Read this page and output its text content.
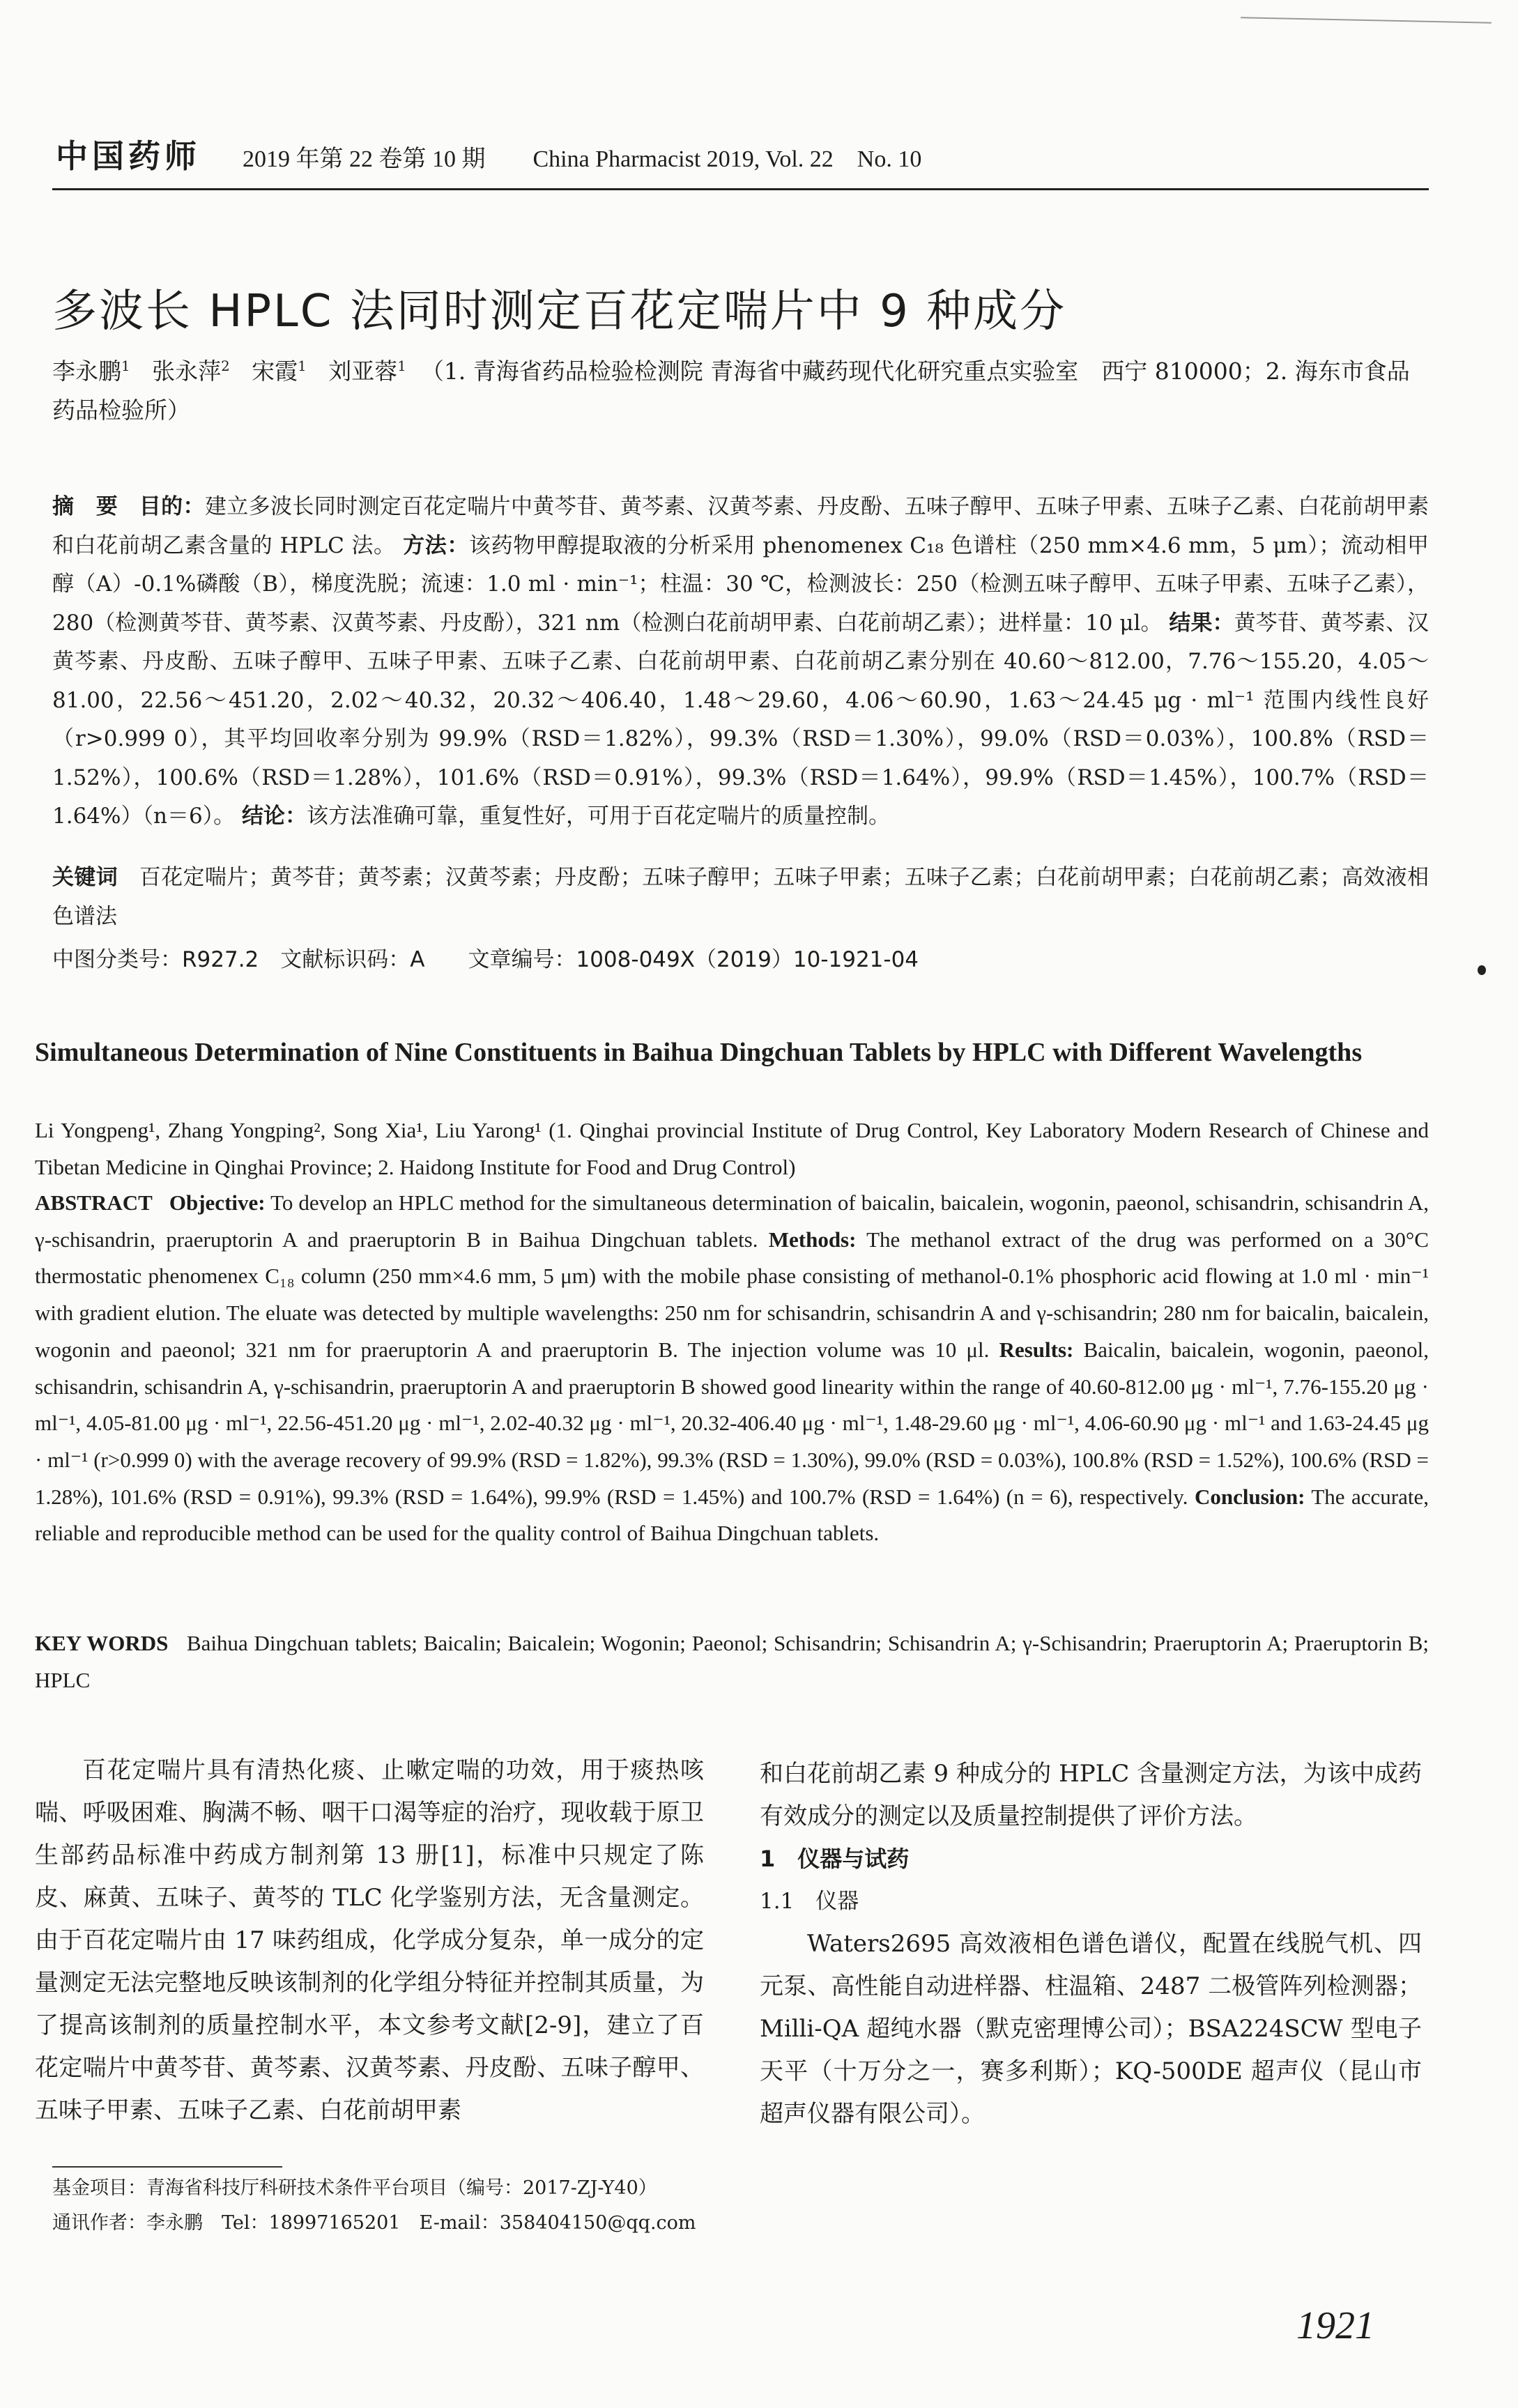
中国药师 2019 年第 22 卷第 10 期　　China Pharmacist 2019, Vol. 22　No. 10
多波长 HPLC 法同时测定百花定喘片中 9 种成分
李永鹏$^1$ 张永萍$^2$ 宋霞$^1$ 刘亚蓉$^1$ （1. 青海省药品检验检测院 青海省中藏药现代化研究重点实验室　西宁 810000；2. 海东市食品药品检验所）
摘　要 目的：建立多波长同时测定百花定喘片中黄芩苷、黄芩素、汉黄芩素、丹皮酚、五味子醇甲、五味子甲素、五味子乙素、白花前胡甲素和白花前胡乙素含量的 HPLC 法。 方法：该药物甲醇提取液的分析采用 phenomenex C₁₈ 色谱柱（250 mm×4.6 mm，5 μm）；流动相甲醇（A）-0.1%磷酸（B），梯度洗脱；流速：1.0 ml · min⁻¹；柱温：30 ℃，检测波长：250（检测五味子醇甲、五味子甲素、五味子乙素），280（检测黄芩苷、黄芩素、汉黄芩素、丹皮酚），321 nm（检测白花前胡甲素、白花前胡乙素）；进样量：10 μl。 结果：黄芩苷、黄芩素、汉黄芩素、丹皮酚、五味子醇甲、五味子甲素、五味子乙素、白花前胡甲素、白花前胡乙素分别在 40.60～812.00，7.76～155.20，4.05～81.00，22.56～451.20，2.02～40.32，20.32～406.40，1.48～29.60，4.06～60.90，1.63～24.45 μg · ml⁻¹ 范围内线性良好（r>0.999 0），其平均回收率分别为 99.9%（RSD＝1.82%），99.3%（RSD＝1.30%），99.0%（RSD＝0.03%），100.8%（RSD＝1.52%），100.6%（RSD＝1.28%），101.6%（RSD＝0.91%），99.3%（RSD＝1.64%），99.9%（RSD＝1.45%），100.7%（RSD＝1.64%）（n＝6）。 结论：该方法准确可靠，重复性好，可用于百花定喘片的质量控制。
关键词 百花定喘片；黄芩苷；黄芩素；汉黄芩素；丹皮酚；五味子醇甲；五味子甲素；五味子乙素；白花前胡甲素；白花前胡乙素；高效液相色谱法
中图分类号：R927.2　文献标识码：A　　文章编号：1008-049X（2019）10-1921-04
Simultaneous Determination of Nine Constituents in Baihua Dingchuan Tablets by HPLC with Different Wavelengths
Li Yongpeng¹, Zhang Yongping², Song Xia¹, Liu Yarong¹ (1. Qinghai provincial Institute of Drug Control, Key Laboratory Modern Research of Chinese and Tibetan Medicine in Qinghai Province; 2. Haidong Institute for Food and Drug Control)
ABSTRACT Objective: To develop an HPLC method for the simultaneous determination of baicalin, baicalein, wogonin, paeonol, schisandrin, schisandrin A, γ-schisandrin, praeruptorin A and praeruptorin B in Baihua Dingchuan tablets. Methods: The methanol extract of the drug was performed on a 30°C thermostatic phenomenex C₁₈ column (250 mm×4.6 mm, 5 μm) with the mobile phase consisting of methanol-0.1% phosphoric acid flowing at 1.0 ml · min⁻¹ with gradient elution. The eluate was detected by multiple wavelengths: 250 nm for schisandrin, schisandrin A and γ-schisandrin; 280 nm for baicalin, baicalein, wogonin and paeonol; 321 nm for praeruptorin A and praeruptorin B. The injection volume was 10 μl. Results: Baicalin, baicalein, wogonin, paeonol, schisandrin, schisandrin A, γ-schisandrin, praeruptorin A and praeruptorin B showed good linearity within the range of 40.60-812.00 μg · ml⁻¹, 7.76-155.20 μg · ml⁻¹, 4.05-81.00 μg · ml⁻¹, 22.56-451.20 μg · ml⁻¹, 2.02-40.32 μg · ml⁻¹, 20.32-406.40 μg · ml⁻¹, 1.48-29.60 μg · ml⁻¹, 4.06-60.90 μg · ml⁻¹ and 1.63-24.45 μg · ml⁻¹ (r>0.999 0) with the average recovery of 99.9% (RSD = 1.82%), 99.3% (RSD = 1.30%), 99.0% (RSD = 0.03%), 100.8% (RSD = 1.52%), 100.6% (RSD = 1.28%), 101.6% (RSD = 0.91%), 99.3% (RSD = 1.64%), 99.9% (RSD = 1.45%) and 100.7% (RSD = 1.64%) (n = 6), respectively. Conclusion: The accurate, reliable and reproducible method can be used for the quality control of Baihua Dingchuan tablets.
KEY WORDS Baihua Dingchuan tablets; Baicalin; Baicalein; Wogonin; Paeonol; Schisandrin; Schisandrin A; γ-Schisandrin; Praeruptorin A; Praeruptorin B; HPLC
百花定喘片具有清热化痰、止嗽定喘的功效，用于痰热咳喘、呼吸困难、胸满不畅、咽干口渴等症的治疗，现收载于原卫生部药品标准中药成方制剂第 13 册[1]，标准中只规定了陈皮、麻黄、五味子、黄芩的 TLC 化学鉴别方法，无含量测定。由于百花定喘片由 17 味药组成，化学成分复杂，单一成分的定量测定无法完整地反映该制剂的化学组分特征并控制其质量，为了提高该制剂的质量控制水平，本文参考文献[2-9]，建立了百花定喘片中黄芩苷、黄芩素、汉黄芩素、丹皮酚、五味子醇甲、五味子甲素、五味子乙素、白花前胡甲素

和白花前胡乙素 9 种成分的 HPLC 含量测定方法，为该中成药有效成分的测定以及质量控制提供了评价方法。

1　仪器与试药

1.1　仪器

Waters2695 高效液相色谱色谱仪，配置在线脱气机、四元泵、高性能自动进样器、柱温箱、2487 二极管阵列检测器；Milli-QA 超纯水器（默克密理博公司）；BSA224SCW 型电子天平（十万分之一，赛多利斯）；KQ-500DE 超声仪（昆山市超声仪器有限公司）。

基金项目：青海省科技厅科研技术条件平台项目（编号：2017-ZJ-Y40）
通讯作者：李永鹏　Tel：18997165201　E-mail：358404150@qq.com
1921
